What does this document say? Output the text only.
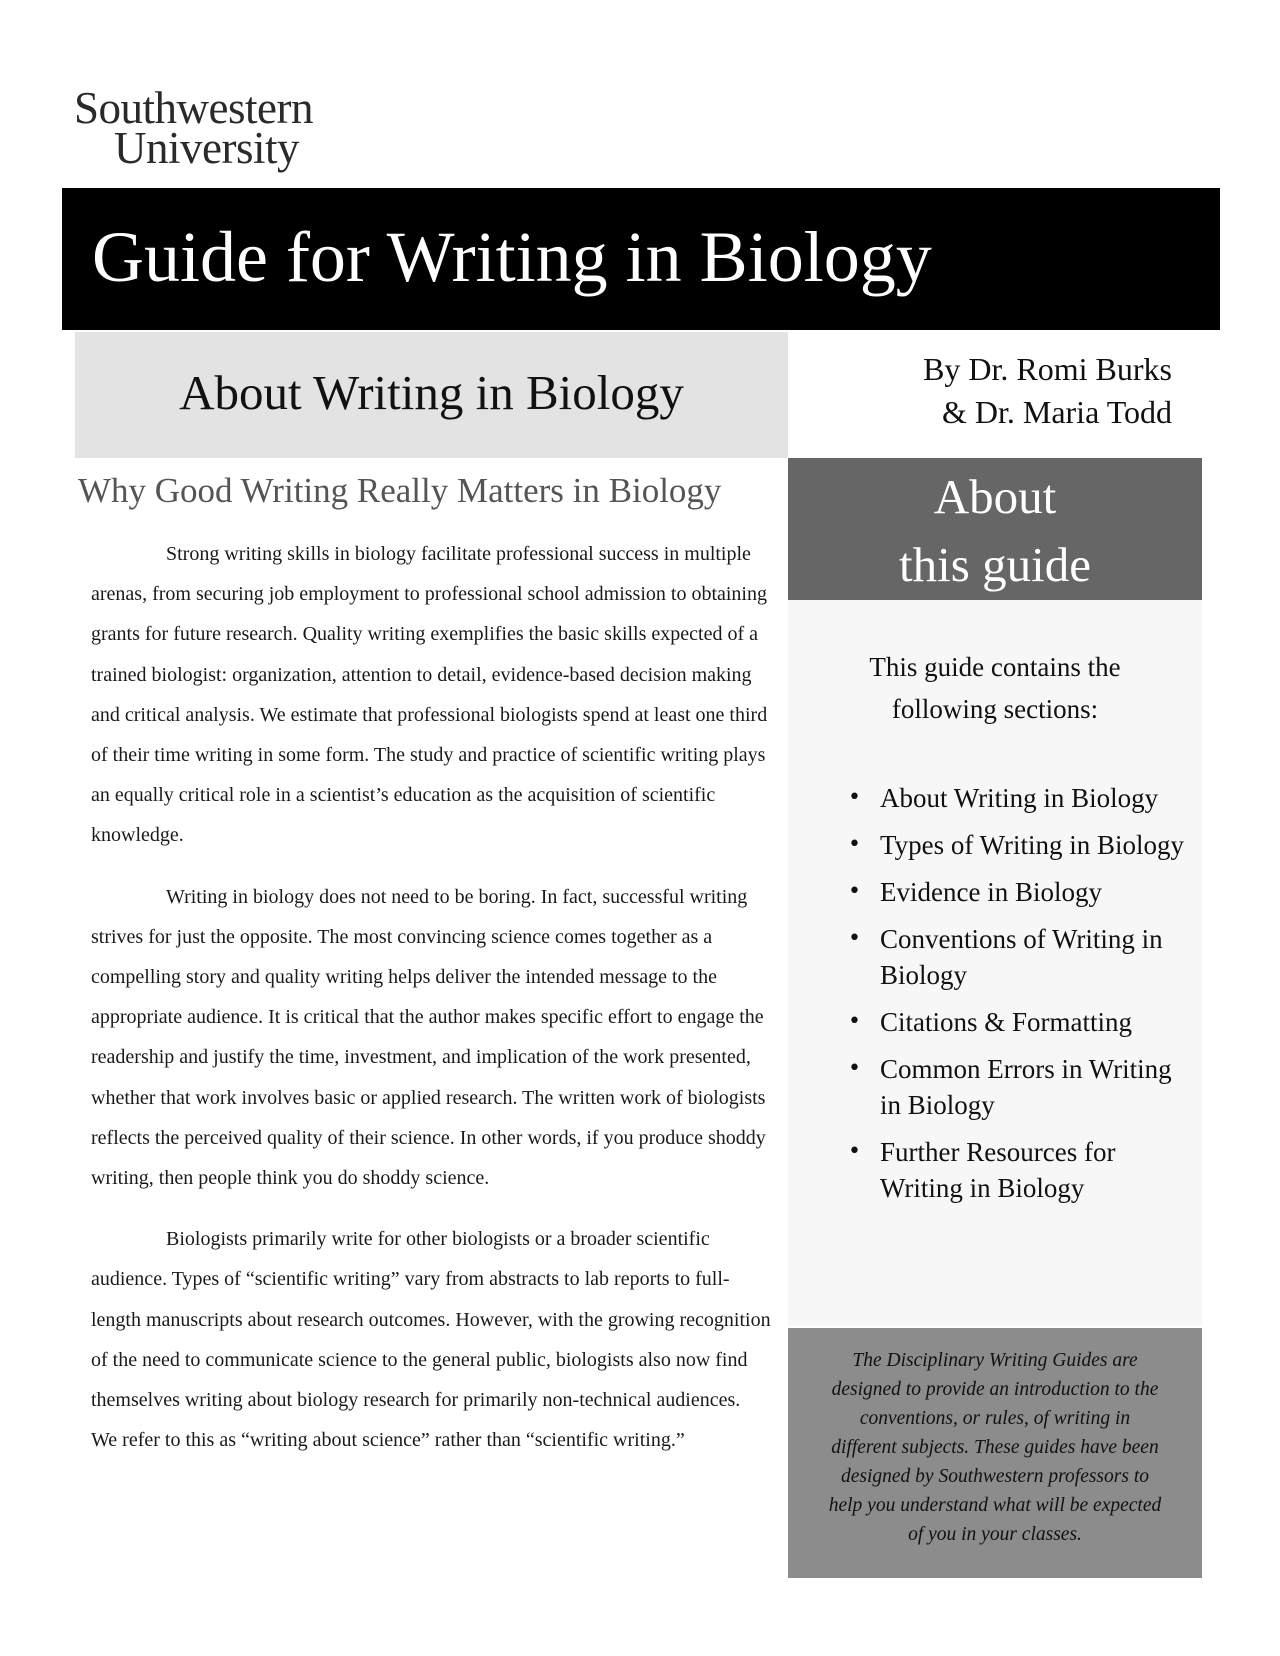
Southwestern
University
Guide for Writing in Biology
About Writing in Biology	By Dr. Romi Burks
& Dr. Maria Todd
Why Good Writing Really Matters in Biology

Strong writing skills in biology facilitate professional success in multiple arenas, from securing job employment to professional school admission to obtaining grants for future research. Quality writing exemplifies the basic skills expected of a trained biologist: organization, attention to detail, evidence-based decision making and critical analysis. We estimate that professional biologists spend at least one third of their time writing in some form. The study and practice of scientific writing plays an equally critical role in a scientist’s education as the acquisition of scientific knowledge.

Writing in biology does not need to be boring. In fact, successful writing strives for just the opposite. The most convincing science comes together as a compelling story and quality writing helps deliver the intended message to the appropriate audience. It is critical that the author makes specific effort to engage the readership and justify the time, investment, and implication of the work presented, whether that work involves basic or applied research. The written work of biologists reflects the perceived quality of their science. In other words, if you produce shoddy writing, then people think you do shoddy science.

Biologists primarily write for other biologists or a broader scientific audience. Types of “scientific writing” vary from abstracts to lab reports to full-length manuscripts about research outcomes. However, with the growing recognition of the need to communicate science to the general public, biologists also now find themselves writing about biology research for primarily non-technical audiences. We refer to this as “writing about science” rather than “scientific writing.”

About
this guide
This guide contains the
following sections:
• About Writing in Biology
• Types of Writing in Biology
• Evidence in Biology
• Conventions of Writing in Biology
• Citations & Formatting
• Common Errors in Writing in Biology
• Further Resources for Writing in Biology

The Disciplinary Writing Guides are designed to provide an introduction to the conventions, or rules, of writing in different subjects. These guides have been designed by Southwestern professors to help you understand what will be expected of you in your classes.
